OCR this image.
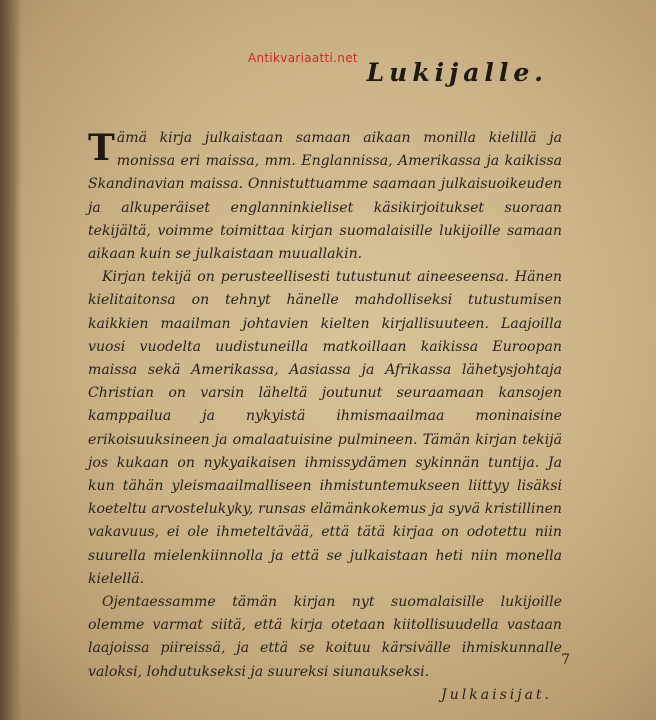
Lukijalle.
Antikvariaatti.net

Tämä kirja julkaistaan samaan aikaan monilla kielillä ja monissa eri maissa, mm. Englannissa, Amerikassa ja kaikissa Skandinavian maissa. Onnistuttuamme saamaan julkaisuoikeuden ja alkuperäiset englanninkieliset käsikirjoitukset suoraan tekijältä, voimme toimittaa kirjan suomalaisille lukijoille samaan aikaan kuin se julkaistaan muuallakin.

Kirjan tekijä on perusteellisesti tutustunut aineeseensa. Hänen kielitaitonsa on tehnyt hänelle mahdolliseksi tutustumisen kaikkien maailman johtavien kielten kirjallisuuteen. Laajoilla vuosi vuodelta uudistuneilla matkoillaan kaikissa Euroopan maissa sekä Amerikassa, Aasiassa ja Afrikassa lähetysjohtaja Christian on varsin läheltä joutunut seuraamaan kansojen kamppailua ja nykyistä ihmismaailmaa moninaisine erikoisuuksineen ja omalaatuisine pulmineen. Tämän kirjan tekijä jos kukaan on nykyaikaisen ihmissydämen sykinnän tuntija. Ja kun tähän yleismaailmalliseen ihmistuntemukseen liittyy lisäksi koeteltu arvostelukyky, runsas elämänkokemus ja syvä kristillinen vakavuus, ei ole ihmeteltävää, että tätä kirjaa on odotettu niin suurella mielenkiinnolla ja että se julkaistaan heti niin monella kielellä.

Ojentaessamme tämän kirjan nyt suomalaisille lukijoille olemme varmat siitä, että kirja otetaan kiitollisuudella vastaan laajoissa piireissä, ja että se koituu kärsivälle ihmiskunnalle valoksi, lohdutukseksi ja suureksi siunaukseksi.

Julkaisijat.
7
